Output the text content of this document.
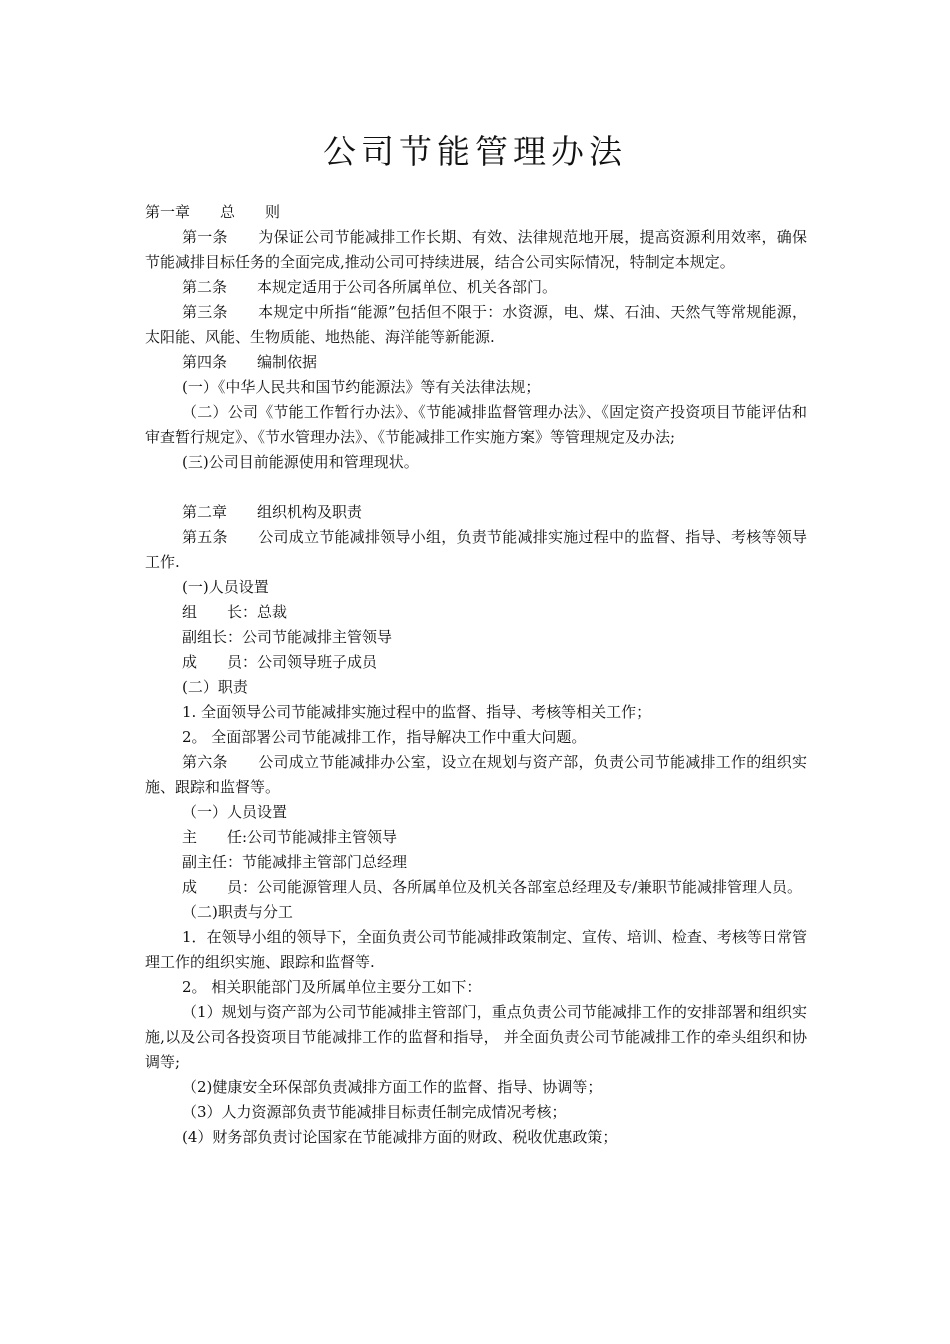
公司节能管理办法

第一章　　总　　则

第一条　　为保证公司节能减排工作长期、有效、法律规范地开展，提高资源利用效率，确保节能减排目标任务的全面完成,推动公司可持续进展，结合公司实际情况，特制定本规定。

第二条　　本规定适用于公司各所属单位、机关各部门。

第三条　　本规定中所指“能源”包括但不限于：水资源，电、煤、石油、天然气等常规能源，太阳能、风能、生物质能、地热能、海洋能等新能源.

第四条　　编制依据

(一）《中华人民共和国节约能源法》等有关法律法规；

（二）公司《节能工作暂行办法》、《节能减排监督管理办法》、《固定资产投资项目节能评估和审查暂行规定》、《节水管理办法》、《节能减排工作实施方案》等管理规定及办法;

(三)公司目前能源使用和管理现状。

第二章　　组织机构及职责

第五条　　公司成立节能减排领导小组，负责节能减排实施过程中的监督、指导、考核等领导工作.

(一)人员设置

组　　长：总裁

副组长：公司节能减排主管领导

成　　员：公司领导班子成员

(二）职责

1. 全面领导公司节能减排实施过程中的监督、指导、考核等相关工作；

2。 全面部署公司节能减排工作，指导解决工作中重大问题。

第六条　　公司成立节能减排办公室，设立在规划与资产部，负责公司节能减排工作的组织实施、跟踪和监督等。

（一）人员设置

主　　任:公司节能减排主管领导

副主任：节能减排主管部门总经理

成　　员：公司能源管理人员、各所属单位及机关各部室总经理及专/兼职节能减排管理人员。

（二)职责与分工

1．在领导小组的领导下，全面负责公司节能减排政策制定、宣传、培训、检查、考核等日常管理工作的组织实施、跟踪和监督等.

2。 相关职能部门及所属单位主要分工如下：

（1）规划与资产部为公司节能减排主管部门，重点负责公司节能减排工作的安排部署和组织实施,以及公司各投资项目节能减排工作的监督和指导， 并全面负责公司节能减排工作的牵头组织和协调等;

（2)健康安全环保部负责减排方面工作的监督、指导、协调等；

（3）人力资源部负责节能减排目标责任制完成情况考核；

(4）财务部负责讨论国家在节能减排方面的财政、税收优惠政策；
